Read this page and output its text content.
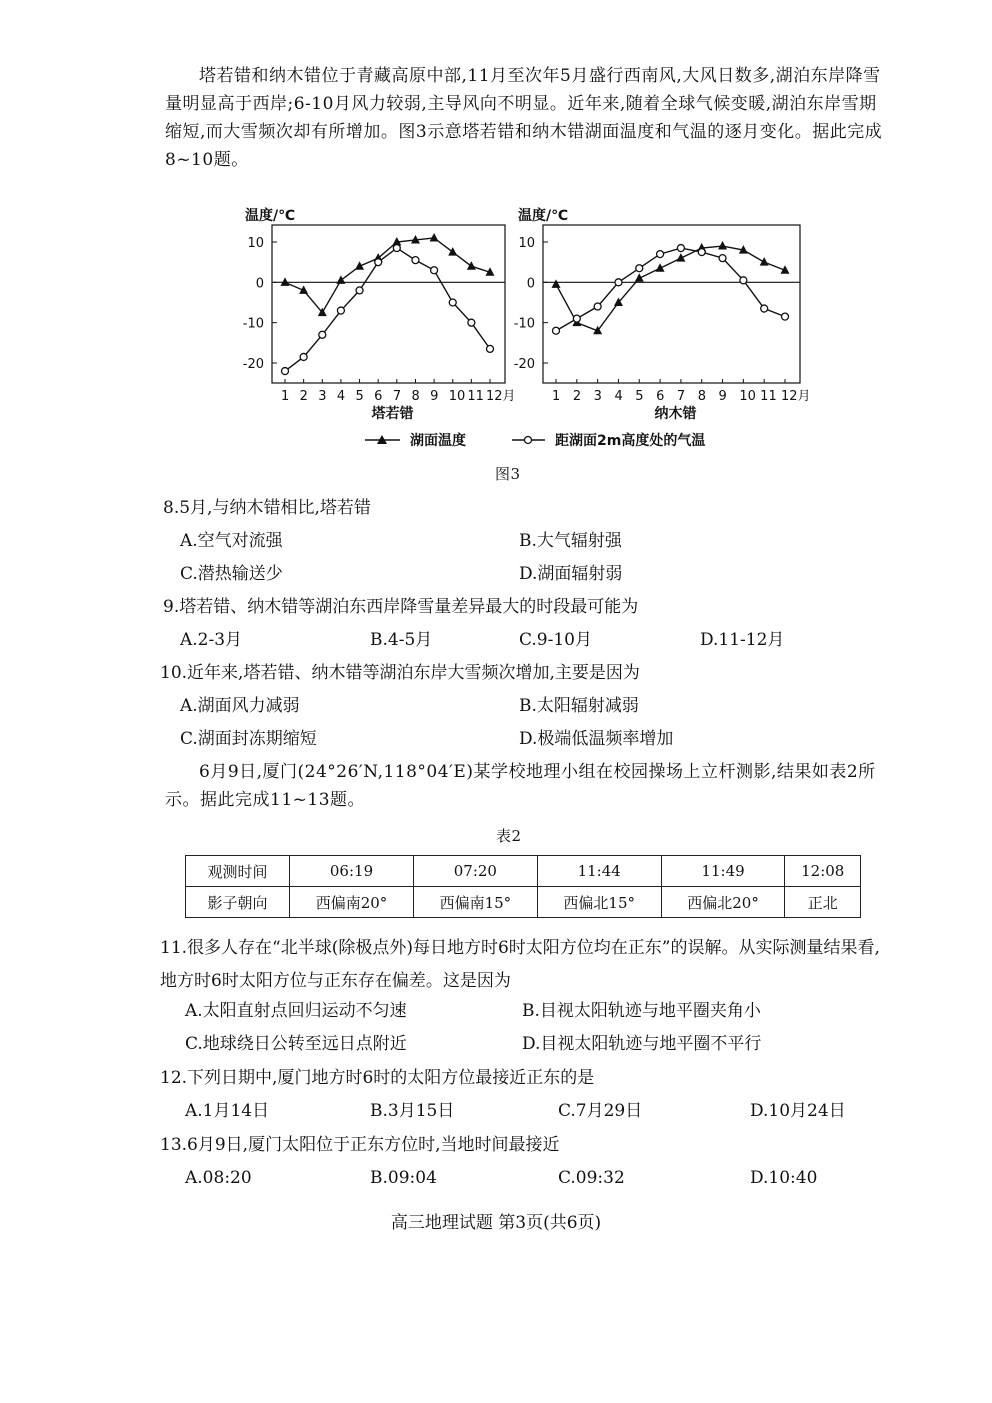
塔若错和纳木错位于青藏高原中部,11月至次年5月盛行西南风,大风日数多,湖泊东岸降雪量明显高于西岸;6-10月风力较弱,主导风向不明显。近年来,随着全球气候变暖,湖泊东岸雪期缩短,而大雪频次却有所增加。图3示意塔若错和纳木错湖面温度和气温的逐月变化。据此完成8~10题。
温度/℃
10
0
-10
-20
1 2 3 4 5 6 7 8 9 10 11 12月
塔若错
温度/℃
10
0
-10
-20
1 2 3 4 5 6 7 8 9 10 11 12月
纳木错
湖面温度	距湖面2m高度处的气温
图3
8.5月,与纳木错相比,塔若错
A.空气对流强	B.大气辐射强
C.潜热输送少	D.湖面辐射弱
9.塔若错、纳木错等湖泊东西岸降雪量差异最大的时段最可能为
A.2-3月	B.4-5月	C.9-10月	D.11-12月
10.近年来,塔若错、纳木错等湖泊东岸大雪频次增加,主要是因为
A.湖面风力减弱	B.太阳辐射减弱
C.湖面封冻期缩短	D.极端低温频率增加
6月9日,厦门(24°26′N,118°04′E)某学校地理小组在校园操场上立杆测影,结果如表2所示。据此完成11~13题。
表2
观测时间	06:19	07:20	11:44	11:49	12:08
影子朝向	西偏南20°	西偏南15°	西偏北15°	西偏北20°	正北
11.很多人存在“北半球(除极点外)每日地方时6时太阳方位均在正东”的误解。从实际测量结果看,地方时6时太阳方位与正东存在偏差。这是因为
A.太阳直射点回归运动不匀速	B.目视太阳轨迹与地平圈夹角小
C.地球绕日公转至远日点附近	D.目视太阳轨迹与地平圈不平行
12.下列日期中,厦门地方时6时的太阳方位最接近正东的是
A.1月14日	B.3月15日	C.7月29日	D.10月24日
13.6月9日,厦门太阳位于正东方位时,当地时间最接近
A.08:20	B.09:04	C.09:32	D.10:40
高三地理试题 第3页(共6页)
